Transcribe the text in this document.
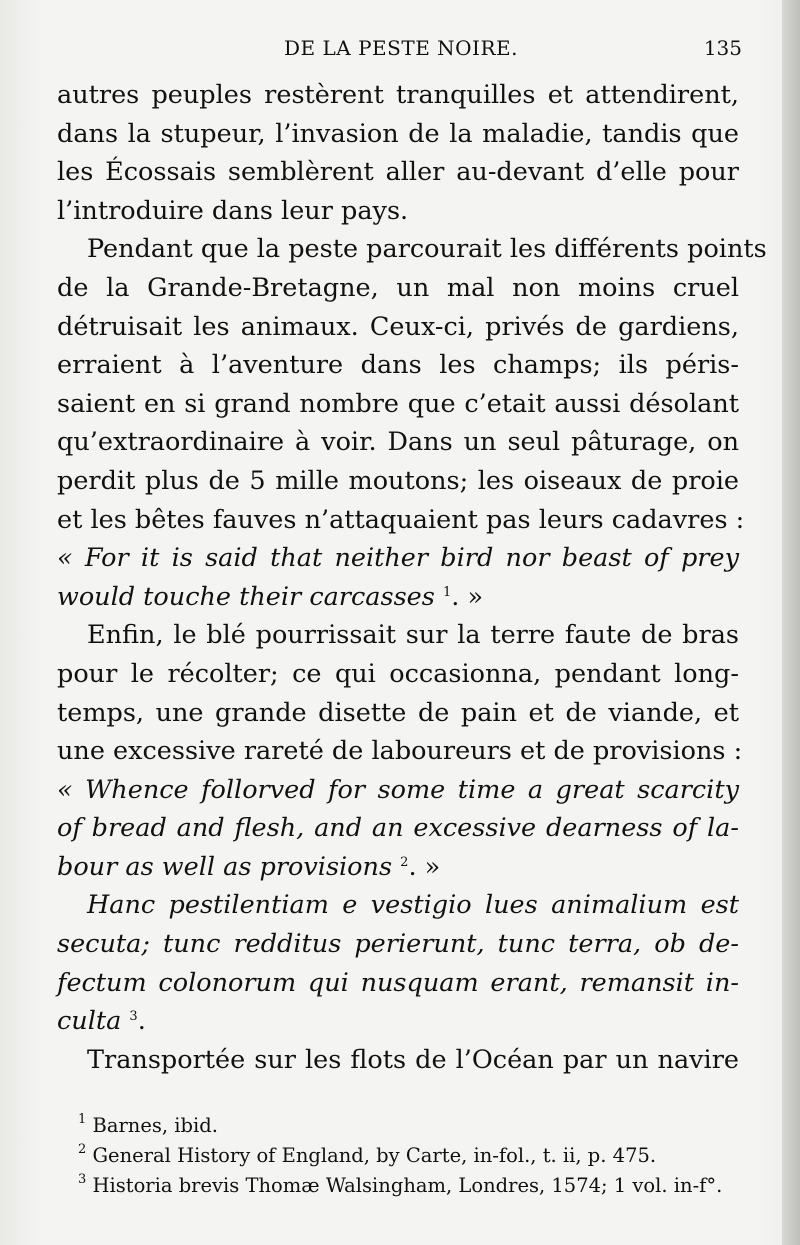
DE LA PESTE NOIRE.	135
autres peuples restèrent tranquilles et attendirent,
dans la stupeur, l’invasion de la maladie, tandis que
les Écossais semblèrent aller au-devant d’elle pour
l’introduire dans leur pays.
Pendant que la peste parcourait les différents points
de la Grande-Bretagne, un mal non moins cruel
détruisait les animaux. Ceux-ci, privés de gardiens,
erraient à l’aventure dans les champs; ils péris-
saient en si grand nombre que c’etait aussi désolant
qu’extraordinaire à voir. Dans un seul pâturage, on
perdit plus de 5 mille moutons; les oiseaux de proie
et les bêtes fauves n’attaquaient pas leurs cadavres :
« For it is said that neither bird nor beast of prey
would touche their carcasses $^1$. »
Enfin, le blé pourrissait sur la terre faute de bras
pour le récolter; ce qui occasionna, pendant long-
temps, une grande disette de pain et de viande, et
une excessive rareté de laboureurs et de provisions :
« Whence follorved for some time a great scarcity
of bread and flesh, and an excessive dearness of la-
bour as well as provisions $^2$. »
Hanc pestilentiam e vestigio lues animalium est
secuta; tunc redditus perierunt, tunc terra, ob de-
fectum colonorum qui nusquam erant, remansit in-
culta $^3$.
Transportée sur les flots de l’Océan par un navire
$^1$ Barnes, ibid.
$^2$ General History of England, by Carte, in-fol., t. ii, p. 475.
$^3$ Historia brevis Thomæ Walsingham, Londres, 1574; 1 vol. in-f°.
